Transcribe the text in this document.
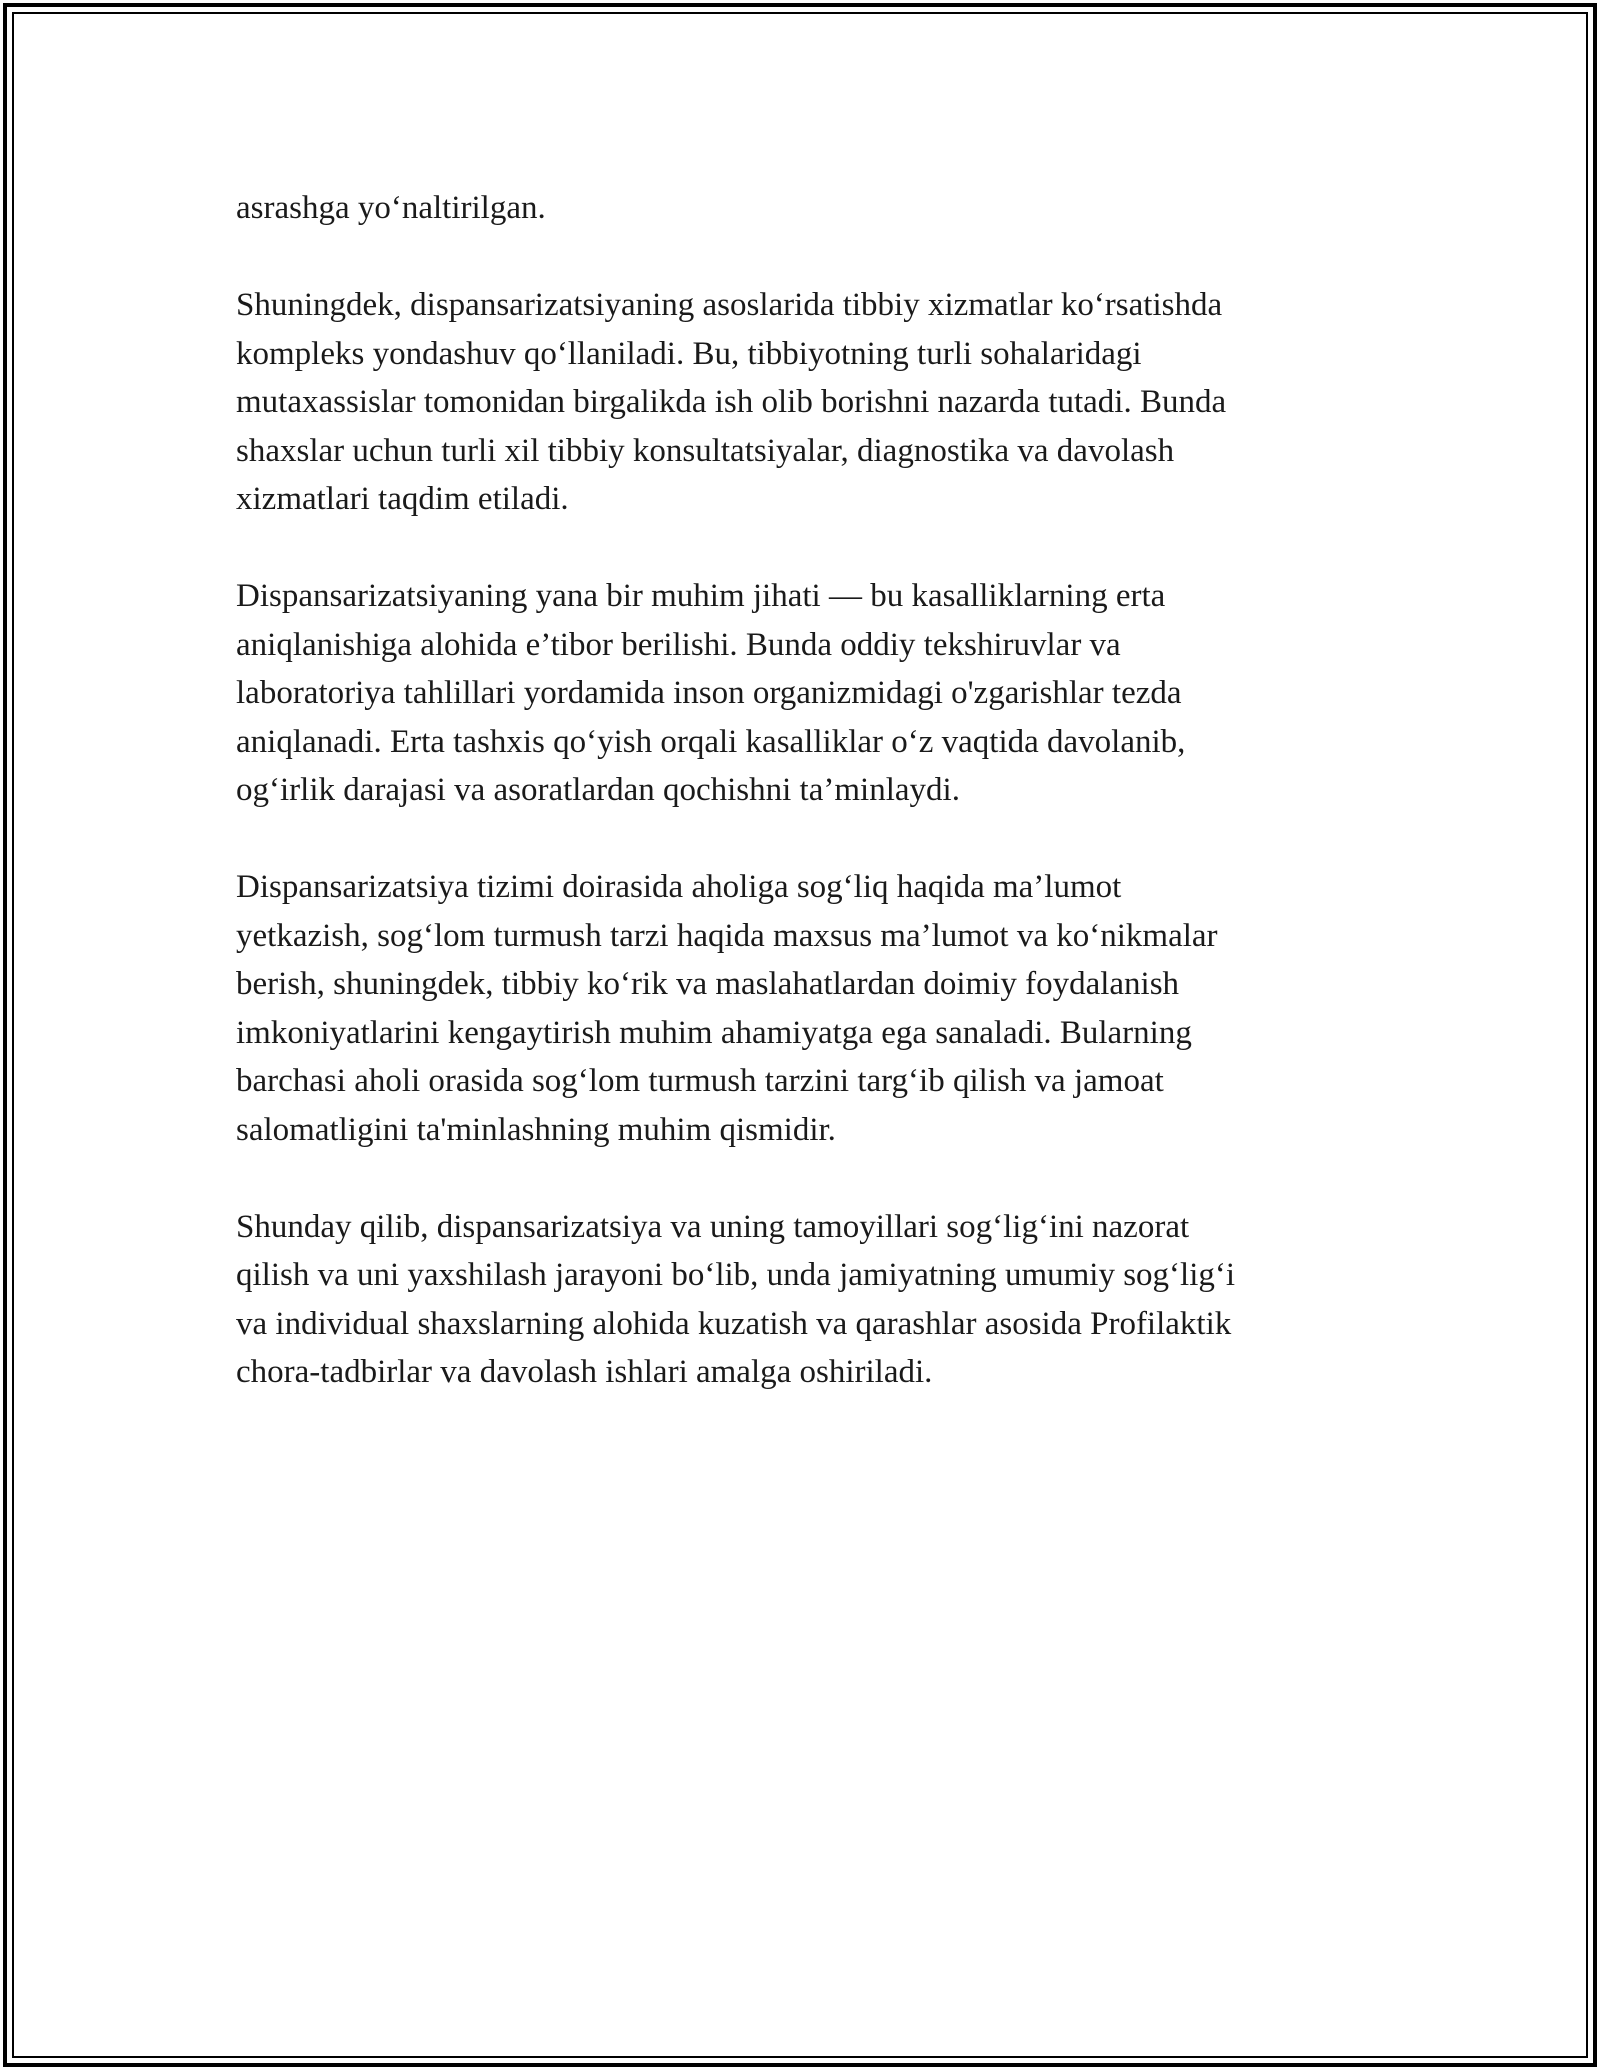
asrashga yo‘naltirilgan.

Shuningdek, dispansarizatsiyaning asoslarida tibbiy xizmatlar ko‘rsatishda
kompleks yondashuv qo‘llaniladi. Bu, tibbiyotning turli sohalaridagi
mutaxassislar tomonidan birgalikda ish olib borishni nazarda tutadi. Bunda
shaxslar uchun turli xil tibbiy konsultatsiyalar, diagnostika va davolash
xizmatlari taqdim etiladi.

Dispansarizatsiyaning yana bir muhim jihati — bu kasalliklarning erta
aniqlanishiga alohida e’tibor berilishi. Bunda oddiy tekshiruvlar va
laboratoriya tahlillari yordamida inson organizmidagi o'zgarishlar tezda
aniqlanadi. Erta tashxis qo‘yish orqali kasalliklar o‘z vaqtida davolanib,
og‘irlik darajasi va asoratlardan qochishni ta’minlaydi.

Dispansarizatsiya tizimi doirasida aholiga sog‘liq haqida ma’lumot
yetkazish, sog‘lom turmush tarzi haqida maxsus ma’lumot va ko‘nikmalar
berish, shuningdek, tibbiy ko‘rik va maslahatlardan doimiy foydalanish
imkoniyatlarini kengaytirish muhim ahamiyatga ega sanaladi. Bularning
barchasi aholi orasida sog‘lom turmush tarzini targ‘ib qilish va jamoat
salomatligini ta'minlashning muhim qismidir.

Shunday qilib, dispansarizatsiya va uning tamoyillari sog‘lig‘ini nazorat
qilish va uni yaxshilash jarayoni bo‘lib, unda jamiyatning umumiy sog‘lig‘i
va individual shaxslarning alohida kuzatish va qarashlar asosida Profilaktik
chora-tadbirlar va davolash ishlari amalga oshiriladi.
